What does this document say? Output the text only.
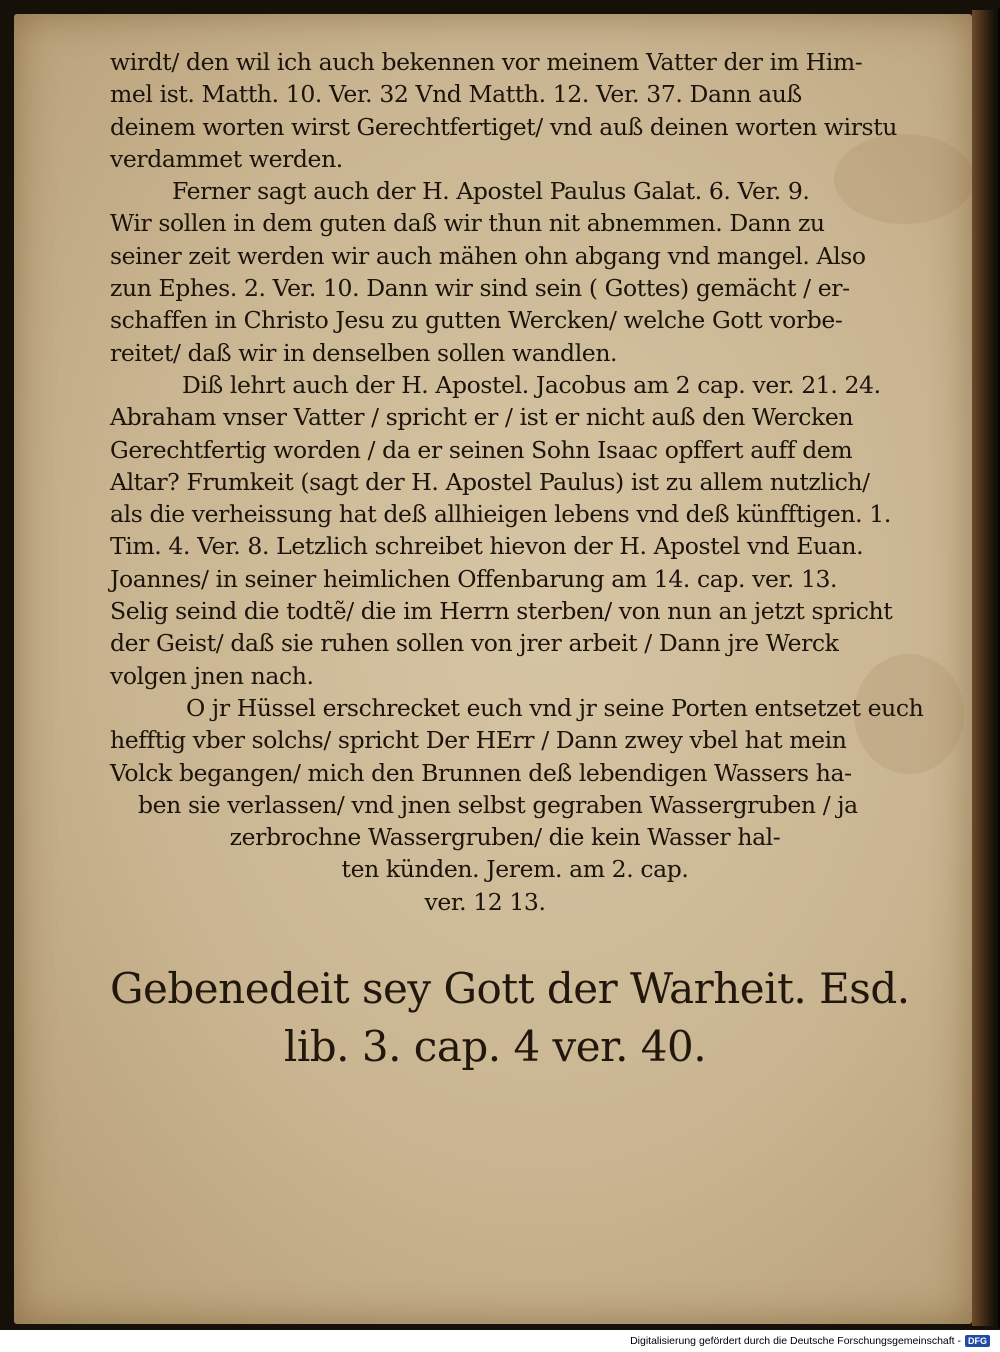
wirdt/ den wil ich auch bekennen vor meinem Vatter der im Him-
mel ist. Matth. 10. Ver. 32 Vnd Matth. 12. Ver. 37. Dann auß
deinem worten wirst Gerechtfertiget/ vnd auß deinen worten wirstu
verdammet werden.
Ferner sagt auch der H. Apostel Paulus Galat. 6. Ver. 9.
Wir sollen in dem guten daß wir thun nit abnemmen. Dann zu
seiner zeit werden wir auch mähen ohn abgang vnd mangel. Also
zun Ephes. 2. Ver. 10. Dann wir sind sein ( Gottes) gemächt / er-
schaffen in Christo Jesu zu gutten Wercken/ welche Gott vorbe-
reitet/ daß wir in denselben sollen wandlen.
Diß lehrt auch der H. Apostel. Jacobus am 2 cap. ver. 21. 24.
Abraham vnser Vatter / spricht er / ist er nicht auß den Wercken
Gerechtfertig worden / da er seinen Sohn Isaac opffert auff dem
Altar? Frumkeit (sagt der H. Apostel Paulus) ist zu allem nutzlich/
als die verheissung hat deß allhieigen lebens vnd deß künfftigen. 1.
Tim. 4. Ver. 8. Letzlich schreibet hievon der H. Apostel vnd Euan.
Joannes/ in seiner heimlichen Offenbarung am 14. cap. ver. 13.
Selig seind die todtẽ/ die im Herrn sterben/ von nun an jetzt spricht
der Geist/ daß sie ruhen sollen von jrer arbeit / Dann jre Werck
volgen jnen nach.
O jr Hüssel erschrecket euch vnd jr seine Porten entsetzet euch
hefftig vber solchs/ spricht Der HErr / Dann zwey vbel hat mein
Volck begangen/ mich den Brunnen deß lebendigen Wassers ha-
ben sie verlassen/ vnd jnen selbst gegraben Wassergruben / ja
zerbrochne Wassergruben/ die kein Wasser hal-
ten künden. Jerem. am 2. cap.
ver. 12 13.
Gebenedeit sey Gott der Warheit. Esd.
lib. 3. cap. 4 ver. 40.
Digitalisierung gefördert durch die Deutsche Forschungsgemeinschaft - DFG
